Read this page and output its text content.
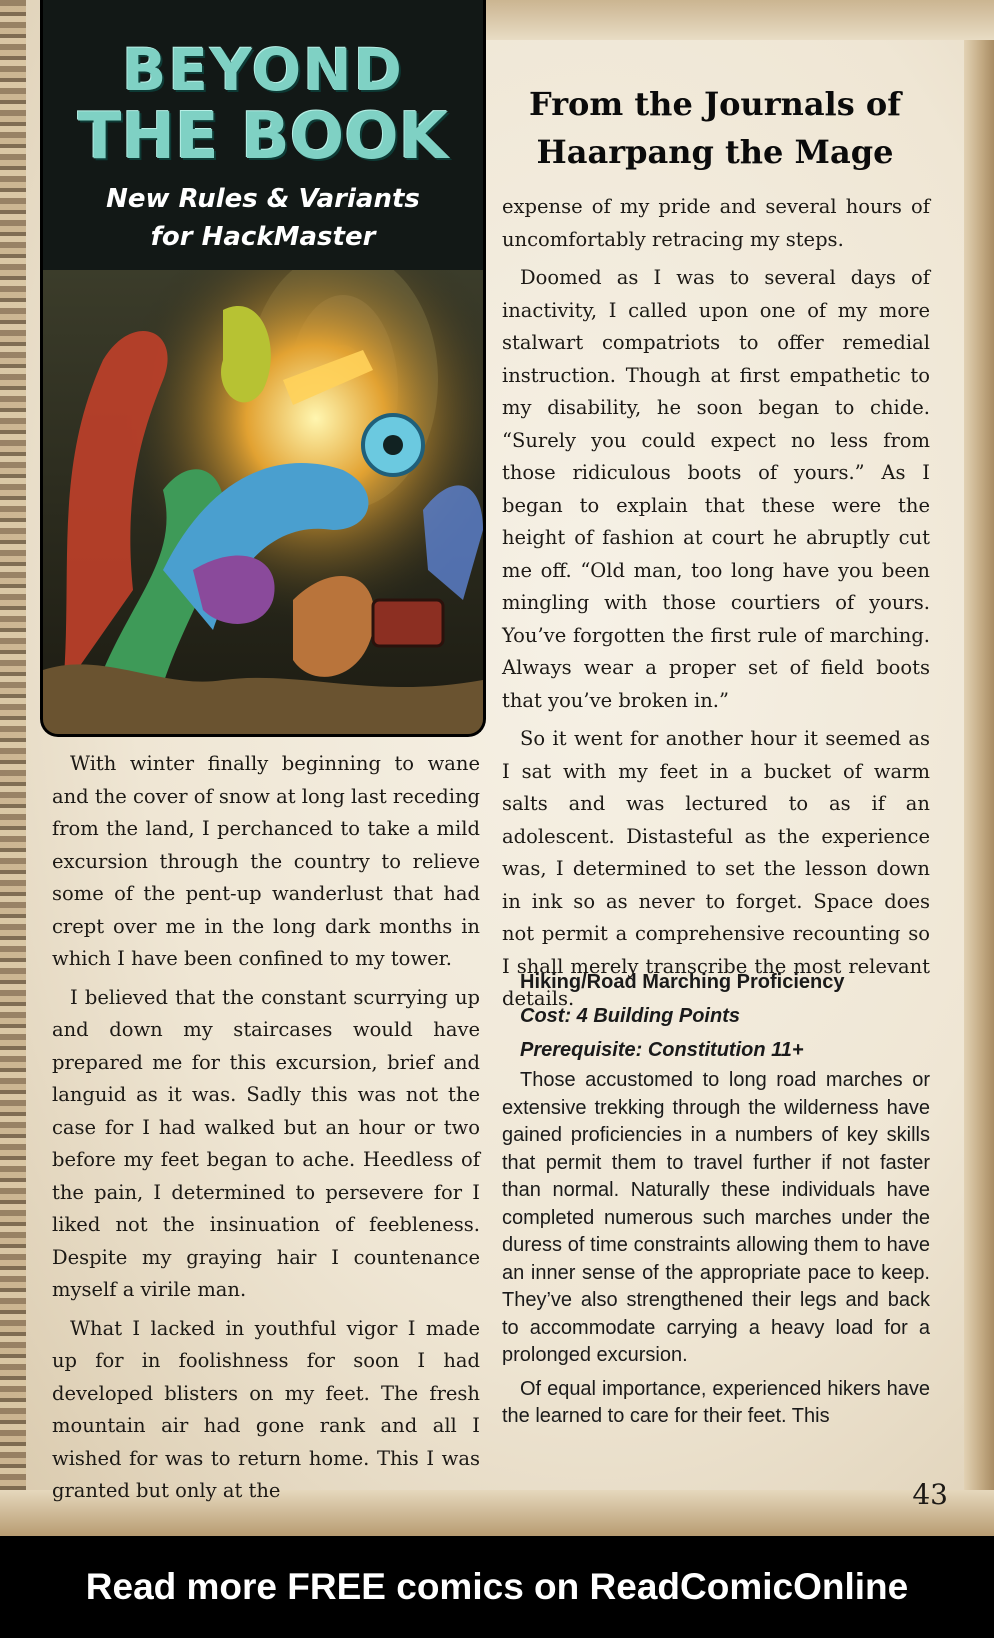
BEYOND
THE BOOK
New Rules & Variants
for HackMaster
From the Journals of
Haarpang the Mage

expense of my pride and several hours of uncomfortably retracing my steps.

Doomed as I was to several days of inactivity, I called upon one of my more stalwart compatriots to offer remedial instruction. Though at first empathetic to my disability, he soon began to chide. “Surely you could expect no less from those ridiculous boots of yours.” As I began to explain that these were the height of fashion at court he abruptly cut me off. “Old man, too long have you been mingling with those courtiers of yours. You’ve forgotten the first rule of marching. Always wear a proper set of field boots that you’ve broken in.”

So it went for another hour it seemed as I sat with my feet in a bucket of warm salts and was lectured to as if an adolescent. Distasteful as the experience was, I determined to set the lesson down in ink so as never to forget. Space does not permit a comprehensive recounting so I shall merely transcribe the most relevant details.

With winter finally beginning to wane and the cover of snow at long last receding from the land, I perchanced to take a mild excursion through the country to relieve some of the pent-up wanderlust that had crept over me in the long dark months in which I have been confined to my tower.

I believed that the constant scurrying up and down my staircases would have prepared me for this excursion, brief and languid as it was. Sadly this was not the case for I had walked but an hour or two before my feet began to ache. Heedless of the pain, I determined to persevere for I liked not the insinuation of feebleness. Despite my graying hair I countenance myself a virile man.

What I lacked in youthful vigor I made up for in foolishness for soon I had developed blisters on my feet. The fresh mountain air had gone rank and all I wished for was to return home. This I was granted but only at the

Hiking/Road Marching Proficiency
Cost: 4 Building Points
Prerequisite: Constitution 11+

Those accustomed to long road marches or extensive trekking through the wilderness have gained proficiencies in a numbers of key skills that permit them to travel further if not faster than normal. Naturally these individuals have completed numerous such marches under the duress of time constraints allowing them to have an inner sense of the appropriate pace to keep. They’ve also strengthened their legs and back to accommodate carrying a heavy load for a prolonged excursion.

Of equal importance, experienced hikers have the learned to care for their feet. This

43
Read more FREE comics on ReadComicOnline
